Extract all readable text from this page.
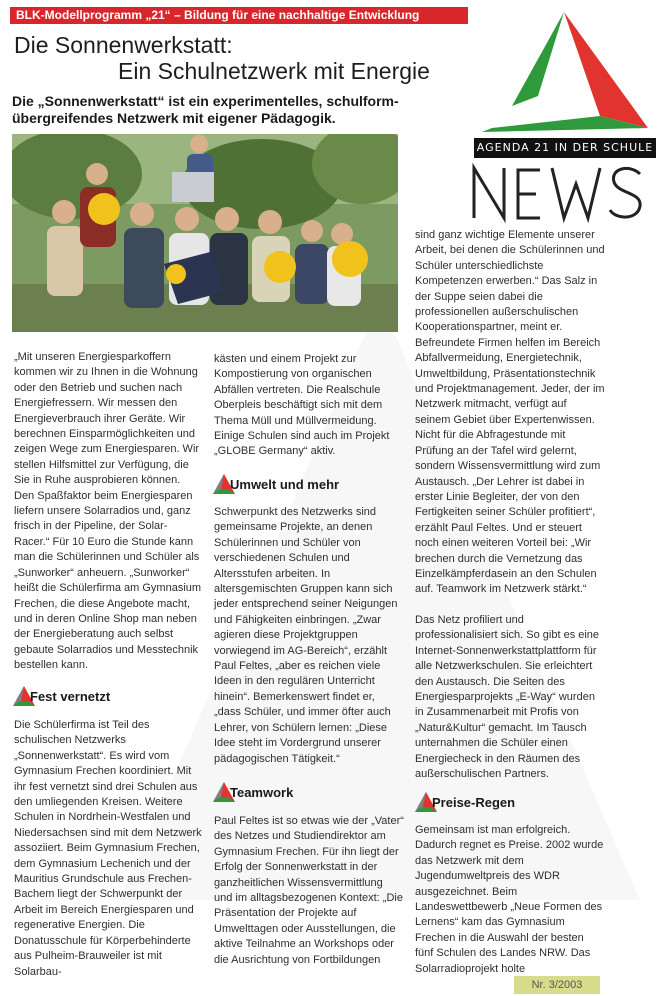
BLK-Modellprogramm „21“ – Bildung für eine nachhaltige Entwicklung
Die Sonnenwerkstatt:
Ein Schulnetzwerk mit Energie
Die „Sonnenwerkstatt“ ist ein experimentelles, schulform-übergreifendes Netzwerk mit eigener Pädagogik.
AGENDA 21 IN DER SCHULE

„Mit unseren Energiesparkoffern kommen wir zu Ihnen in die Wohnung oder den Betrieb und suchen nach Energiefressern. Wir messen den Energieverbrauch ihrer Geräte. Wir berechnen Einsparmöglichkeiten und zeigen Wege zum Energiesparen. Wir stellen Hilfsmittel zur Verfügung, die Sie in Ruhe ausprobieren können. Den Spaßfaktor beim Energiesparen liefern unsere Solarradios und, ganz frisch in der Pipeline, der Solar-Racer.“ Für 10 Euro die Stunde kann man die Schülerinnen und Schüler als „Sunworker“ anheuern. „Sunworker“ heißt die Schülerfirma am Gymnasium Frechen, die diese Angebote macht, und in deren Online Shop man neben der Energieberatung auch selbst gebaute Solarradios und Messtechnik bestellen kann.

Fest vernetzt

Die Schülerfirma ist Teil des schulischen Netzwerks „Sonnenwerkstatt“. Es wird vom Gymnasium Frechen koordiniert. Mit ihr fest vernetzt sind drei Schulen aus den umliegenden Kreisen. Weitere Schulen in Nordrhein-Westfalen und Niedersachsen sind mit dem Netzwerk assoziiert. Beim Gymnasium Frechen, dem Gymnasium Lechenich und der Mauritius Grundschule aus Frechen-Bachem liegt der Schwerpunkt der Arbeit im Bereich Energiesparen und regenerative Energien. Die Donatusschule für Körperbehinderte aus Pulheim-Brauweiler ist mit Solarbau-

kästen und einem Projekt zur Kompostierung von organischen Abfällen vertreten. Die Realschule Oberpleis beschäftigt sich mit dem Thema Müll und Müllvermeidung. Einige Schulen sind auch im Projekt „GLOBE Germany“ aktiv.

Umwelt und mehr

Schwerpunkt des Netzwerks sind gemeinsame Projekte, an denen Schülerinnen und Schüler von verschiedenen Schulen und Altersstufen arbeiten. In altersgemischten Gruppen kann sich jeder entsprechend seiner Neigungen und Fähigkeiten einbringen. „Zwar agieren diese Projektgruppen vorwiegend im AG-Bereich“, erzählt Paul Feltes, „aber es reichen viele Ideen in den regulären Unterricht hinein“. Bemerkenswert findet er, „dass Schüler, und immer öfter auch Lehrer, von Schülern lernen: „Diese Idee steht im Vordergrund unserer pädagogischen Tätigkeit.“

Teamwork

Paul Feltes ist so etwas wie der „Vater“ des Netzes und Studiendirektor am Gymnasium Frechen. Für ihn liegt der Erfolg der Sonnenwerkstatt in der ganzheitlichen Wissensvermittlung und im alltagsbezogenen Kontext: „Die Präsentation der Projekte auf Umwelttagen oder Ausstellungen, die aktive Teilnahme an Workshops oder die Ausrichtung von Fortbildungen

sind ganz wichtige Elemente unserer Arbeit, bei denen die Schülerinnen und Schüler unterschiedlichste Kompetenzen erwerben.“ Das Salz in der Suppe seien dabei die professionellen außerschulischen Kooperationspartner, meint er. Befreundete Firmen helfen im Bereich Abfallvermeidung, Energietechnik, Umweltbildung, Präsentationstechnik und Projektmanagement. Jeder, der im Netzwerk mitmacht, verfügt auf seinem Gebiet über Expertenwissen. Nicht für die Abfragestunde mit Prüfung an der Tafel wird gelernt, sondern Wissensvermittlung wird zum Austausch. „Der Lehrer ist dabei in erster Linie Begleiter, der von den Fertigkeiten seiner Schüler profitiert“, erzählt Paul Feltes. Und er steuert noch einen weiteren Vorteil bei: „Wir brechen durch die Vernetzung das Einzelkämpferdasein an den Schulen auf. Teamwork im Netzwerk stärkt.“

Das Netz profiliert und professionalisiert sich. So gibt es eine Internet-Sonnenwerkstattplattform für alle Netzwerkschulen. Sie erleichtert den Austausch. Die Seiten des Energiesparprojekts „E-Way“ wurden in Zusammenarbeit mit Profis von „Natur&Kultur“ gemacht. Im Tausch unternahmen die Schüler einen Energiecheck in den Räumen des außerschulischen Partners.

Preise-Regen

Gemeinsam ist man erfolgreich. Dadurch regnet es Preise. 2002 wurde das Netzwerk mit dem Jugendumweltpreis des WDR ausgezeichnet. Beim Landeswettbewerb „Neue Formen des Lernens“ kam das Gymnasium Frechen in die Auswahl der besten fünf Schulen des Landes NRW. Das Solarradioprojekt holte

Nr. 3/2003
